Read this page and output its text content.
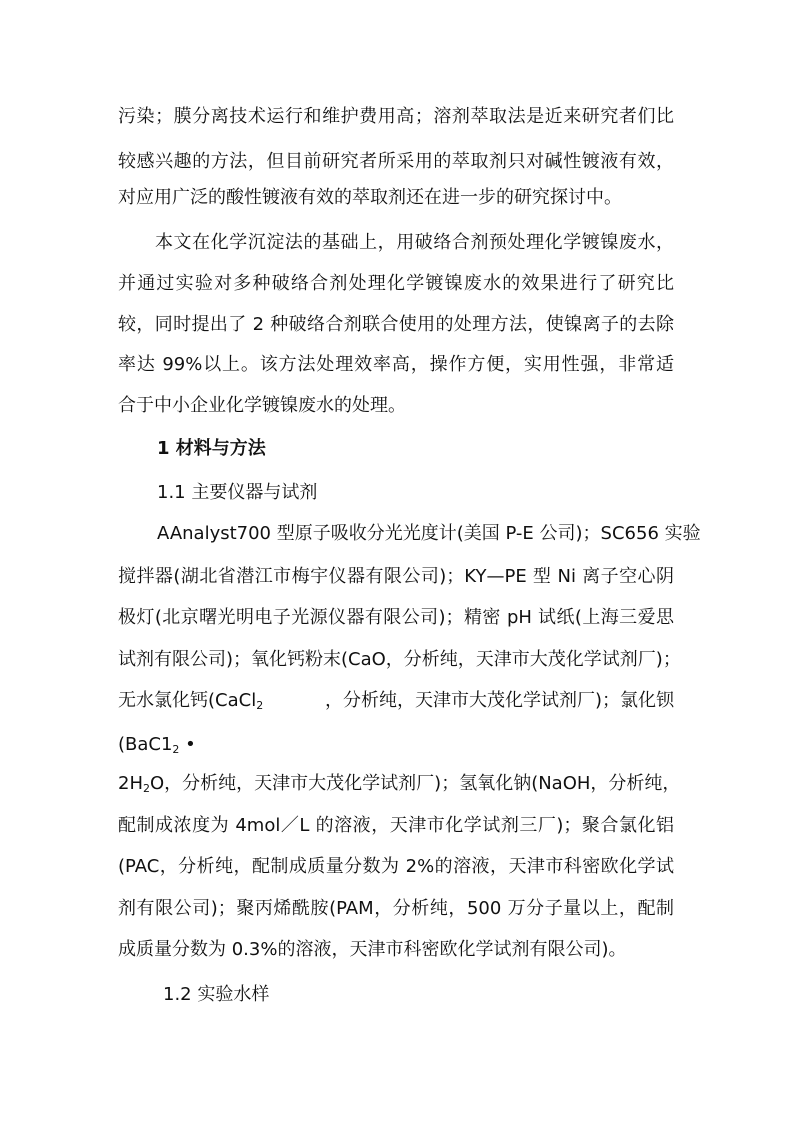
污染；膜分离技术运行和维护费用高；溶剂萃取法是近来研究者们比
较感兴趣的方法，但目前研究者所采用的萃取剂只对碱性镀液有效，
对应用广泛的酸性镀液有效的萃取剂还在进一步的研究探讨中。
本文在化学沉淀法的基础上，用破络合剂预处理化学镀镍废水，
并通过实验对多种破络合剂处理化学镀镍废水的效果进行了研究比
较，同时提出了 2 种破络合剂联合使用的处理方法，使镍离子的去除
率达 99%以上。该方法处理效率高，操作方便，实用性强，非常适
合于中小企业化学镀镍废水的处理。
1 材料与方法
1.1 主要仪器与试剂
AAnalyst700 型原子吸收分光光度计(美国 P-E 公司)；SC656 实验
搅拌器(湖北省潜江市梅宇仪器有限公司)；KY—PE 型 Ni 离子空心阴
极灯(北京曙光明电子光源仪器有限公司)；精密 pH 试纸(上海三爱思
试剂有限公司)；氧化钙粉末(CaO，分析纯，天津市大茂化学试剂厂)；
无水氯化钙(CaCl$_2$	，分析纯，天津市大茂化学试剂厂)；氯化钡
($BaC1_2$ •
$2H_2$ O，分析纯，天津市大茂化学试剂厂)；氢氧化钠(NaOH，分析纯，
配制成浓度为 4mol／L 的溶液，天津市化学试剂三厂)；聚合氯化铝
(PAC，分析纯，配制成质量分数为 2%的溶液，天津市科密欧化学试
剂有限公司)；聚丙烯酰胺(PAM，分析纯，500 万分子量以上，配制
成质量分数为 0.3%的溶液，天津市科密欧化学试剂有限公司)。
1.2 实验水样
